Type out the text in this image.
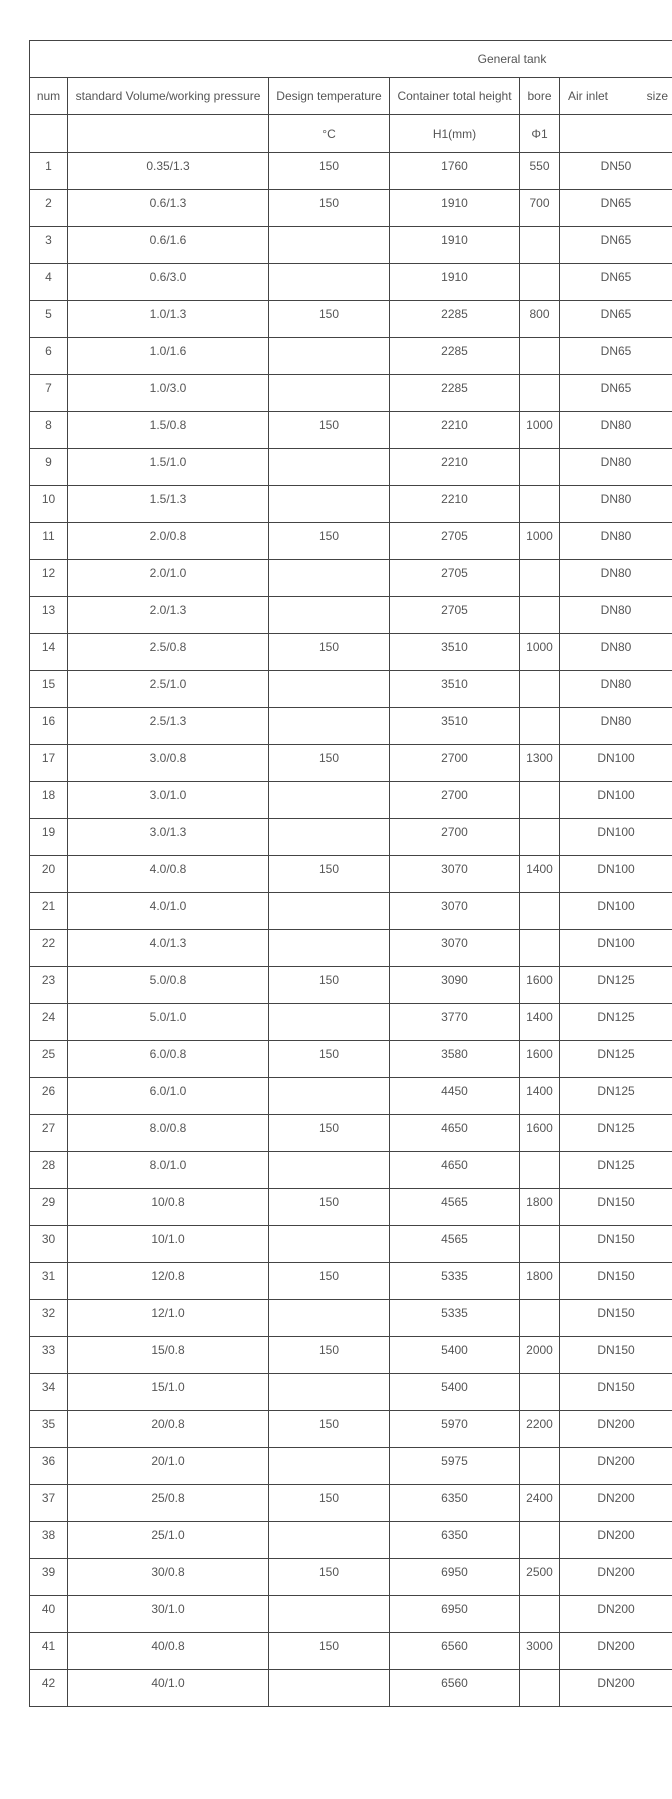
General tank					
num	standard Volume/working pressure	Design temperature	Container total height	bore	Air inlet size

		°C	H1(mm)	Φ1	
1	0.35/1.3	150	1760	550	DN50
2	0.6/1.3	150	1910	700	DN65
3	0.6/1.6		1910		DN65
4	0.6/3.0		1910		DN65
5	1.0/1.3	150	2285	800	DN65
6	1.0/1.6		2285		DN65
7	1.0/3.0		2285		DN65
8	1.5/0.8	150	2210	1000	DN80
9	1.5/1.0		2210		DN80
10	1.5/1.3		2210		DN80
11	2.0/0.8	150	2705	1000	DN80
12	2.0/1.0		2705		DN80
13	2.0/1.3		2705		DN80
14	2.5/0.8	150	3510	1000	DN80
15	2.5/1.0		3510		DN80
16	2.5/1.3		3510		DN80
17	3.0/0.8	150	2700	1300	DN100
18	3.0/1.0		2700		DN100
19	3.0/1.3		2700		DN100
20	4.0/0.8	150	3070	1400	DN100
21	4.0/1.0		3070		DN100
22	4.0/1.3		3070		DN100
23	5.0/0.8	150	3090	1600	DN125
24	5.0/1.0		3770	1400	DN125
25	6.0/0.8	150	3580	1600	DN125
26	6.0/1.0		4450	1400	DN125
27	8.0/0.8	150	4650	1600	DN125
28	8.0/1.0		4650		DN125
29	10/0.8	150	4565	1800	DN150
30	10/1.0		4565		DN150
31	12/0.8	150	5335	1800	DN150
32	12/1.0		5335		DN150
33	15/0.8	150	5400	2000	DN150
34	15/1.0		5400		DN150
35	20/0.8	150	5970	2200	DN200
36	20/1.0		5975		DN200
37	25/0.8	150	6350	2400	DN200
38	25/1.0		6350		DN200
39	30/0.8	150	6950	2500	DN200
40	30/1.0		6950		DN200
41	40/0.8	150	6560	3000	DN200
42	40/1.0		6560		DN200
